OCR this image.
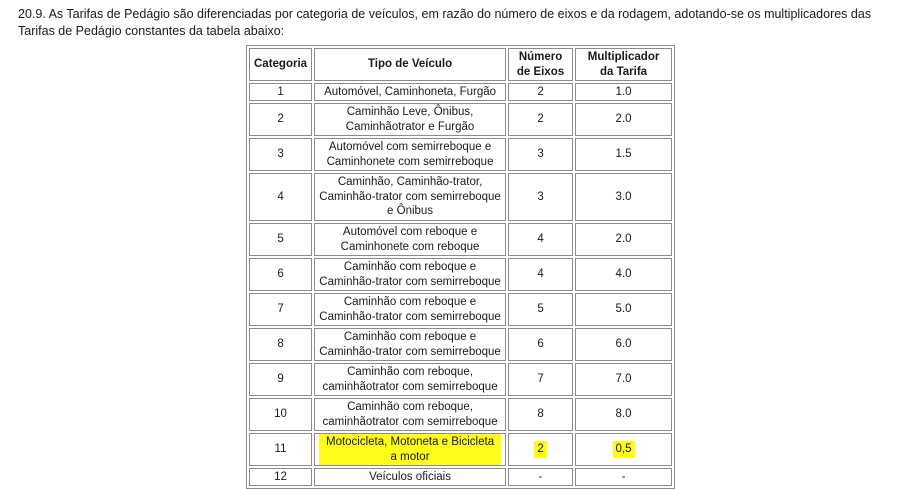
20.9. As Tarifas de Pedágio são diferenciadas por categoria de veículos, em razão do número de eixos e da rodagem, adotando-se os multiplicadores das Tarifas de Pedágio constantes da tabela abaixo:

Categoria	Tipo de Veículo	Número de Eixos	Multiplicador da Tarifa
1	Automóvel, Caminhoneta, Furgão	2	1.0
2	Caminhão Leve, Ônibus, Caminhãotrator e Furgão	2	2.0
3	Automóvel com semirreboque e Caminhonete com semirreboque	3	1.5
4	Caminhão, Caminhão-trator, Caminhão-trator com semirreboque e Ônibus	3	3.0
5	Automóvel com reboque e Caminhonete com reboque	4	2.0
6	Caminhão com reboque e Caminhão-trator com semirreboque	4	4.0
7	Caminhão com reboque e Caminhão-trator com semirreboque	5	5.0
8	Caminhão com reboque e Caminhão-trator com semirreboque	6	6.0
9	Caminhão com reboque, caminhãotrator com semirreboque	7	7.0
10	Caminhão com reboque, caminhãotrator com semirreboque	8	8.0
11	Motocicleta, Motoneta e Bicicleta a motor	2	0,5
12	Veículos oficiais	-	-
